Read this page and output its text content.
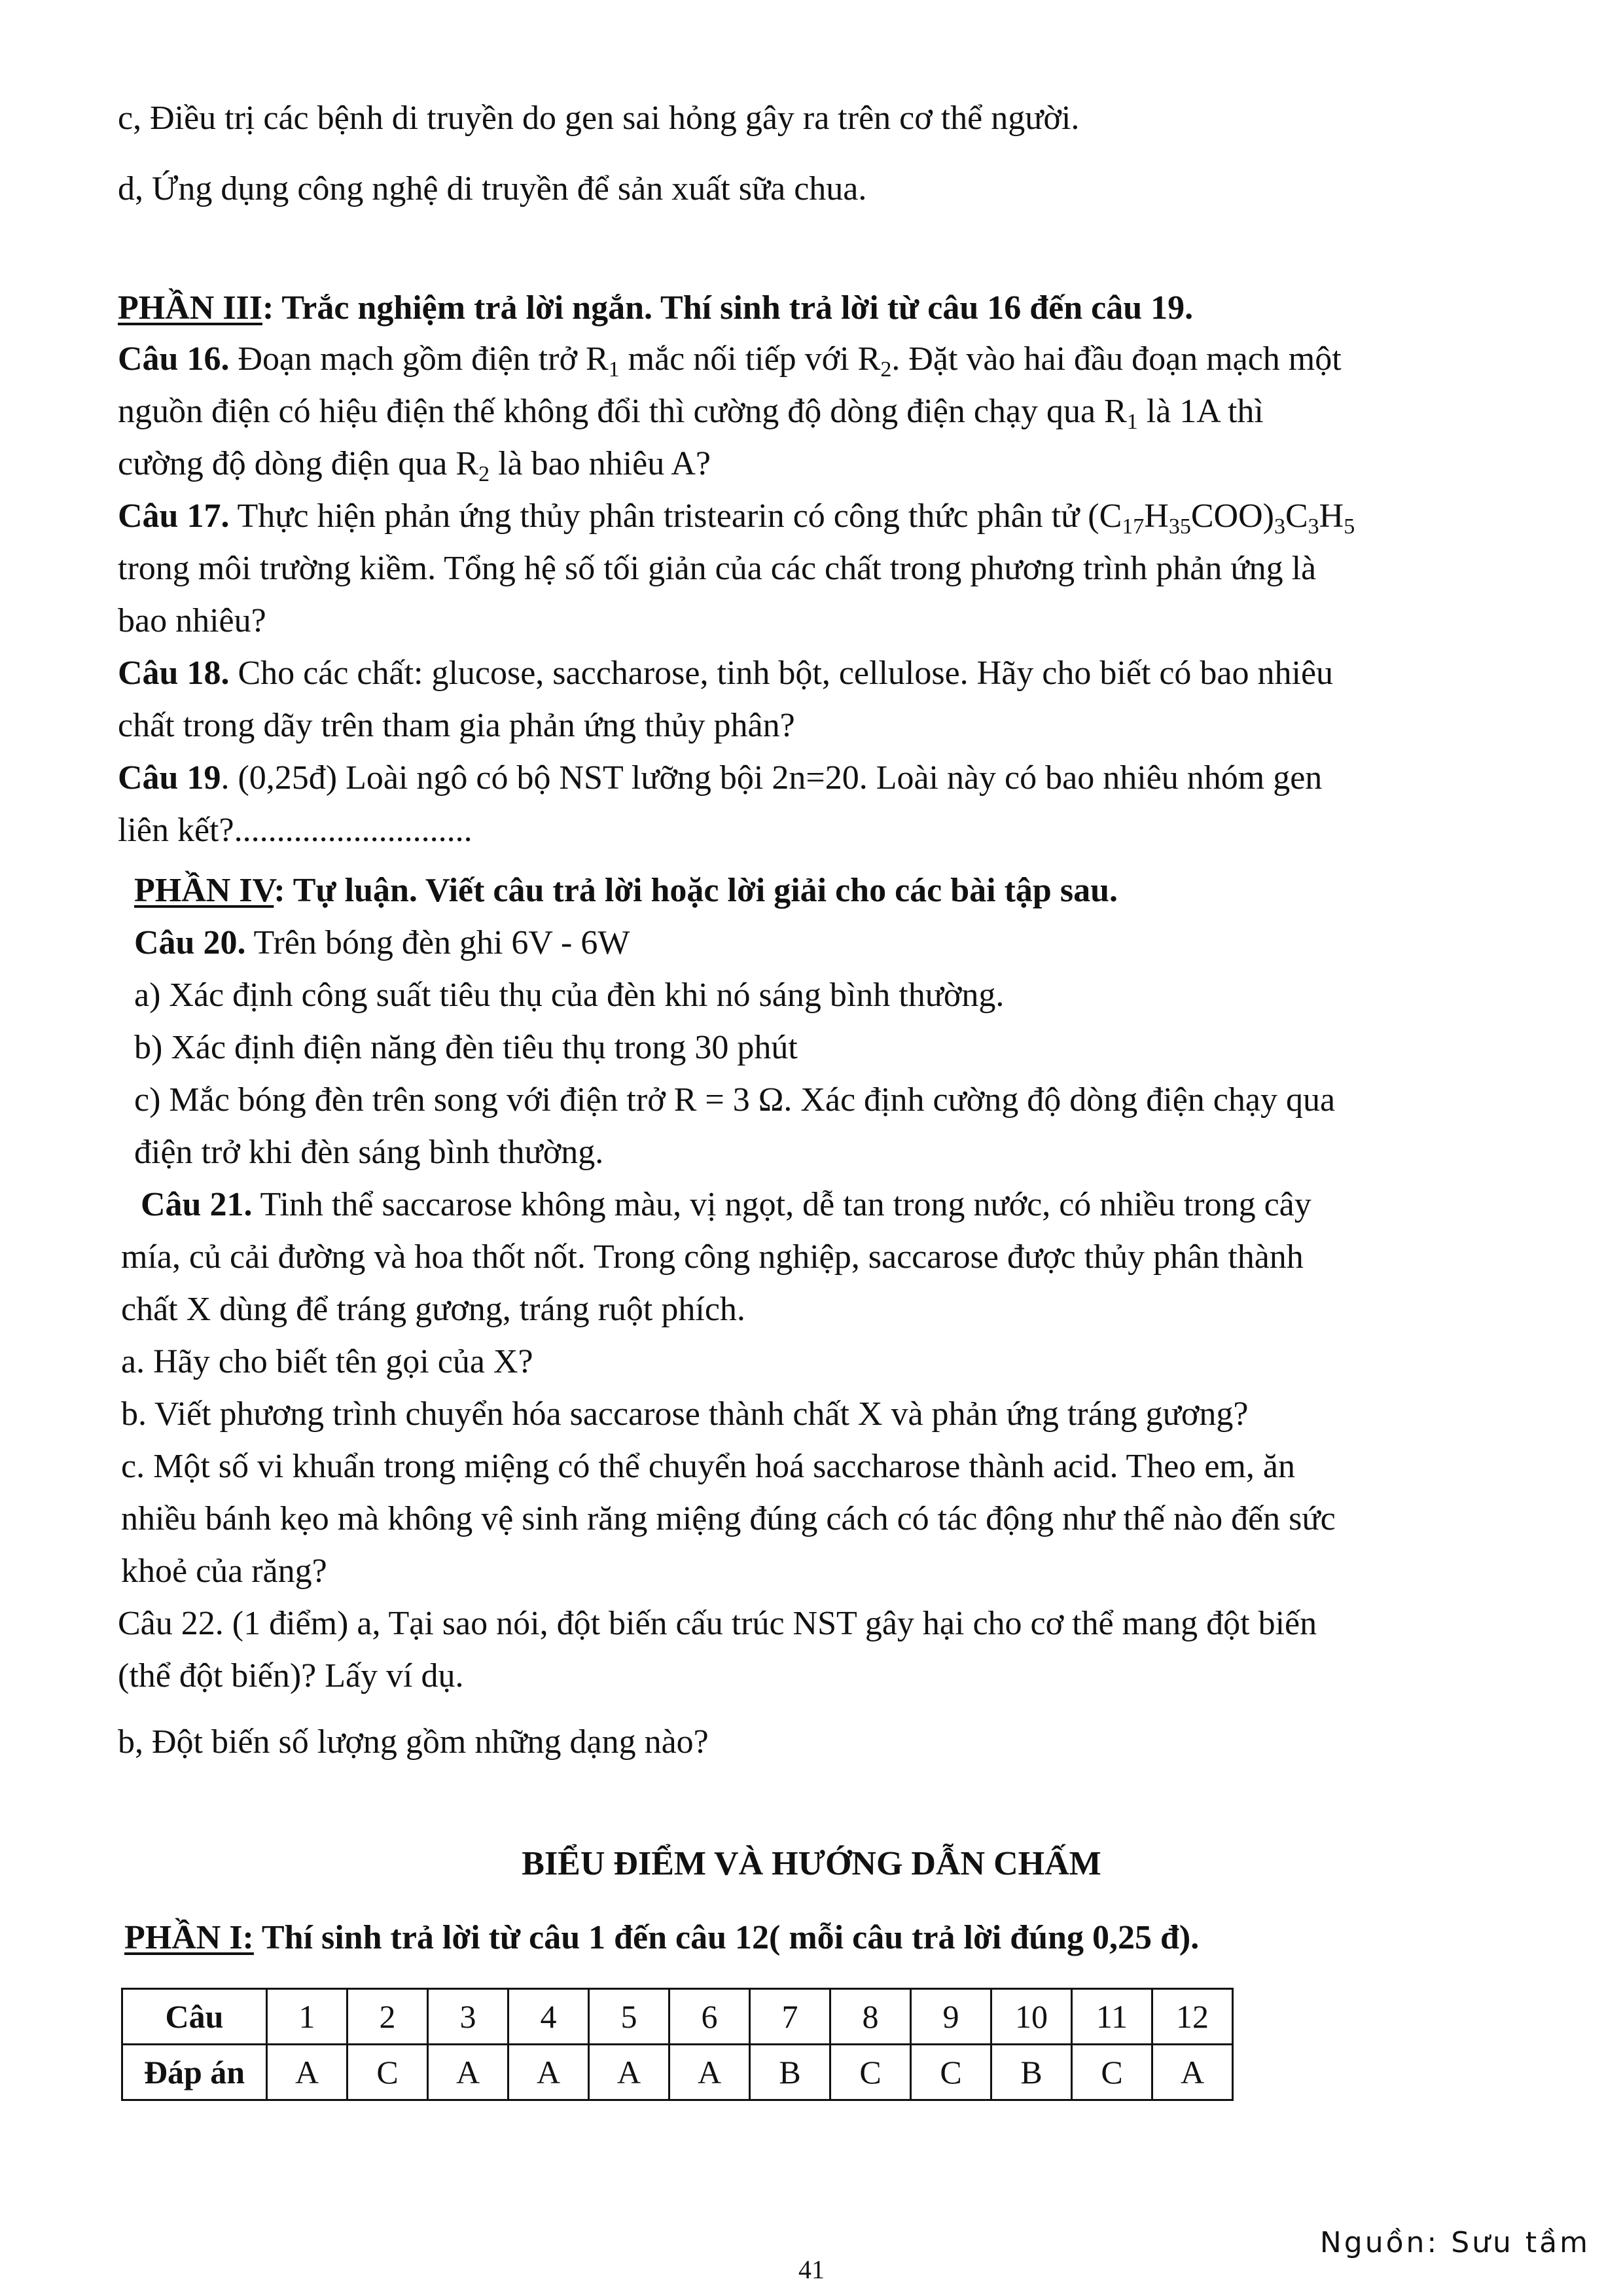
c, Điều trị các bệnh di truyền do gen sai hỏng gây ra trên cơ thể người.
d, Ứng dụng công nghệ di truyền để sản xuất sữa chua.
PHẦN III: Trắc nghiệm trả lời ngắn. Thí sinh trả lời từ câu 16 đến câu 19.
Câu 16. Đoạn mạch gồm điện trở $R_1$ mắc nối tiếp với $R_2$. Đặt vào hai đầu đoạn mạch một
nguồn điện có hiệu điện thế không đổi thì cường độ dòng điện chạy qua $R_1$ là 1A thì
cường độ dòng điện qua $R_2$ là bao nhiêu A?
Câu 17. Thực hiện phản ứng thủy phân tristearin có công thức phân tử $(C_{17}H_{35}COO)_3C_3H_5$
trong môi trường kiềm. Tổng hệ số tối giản của các chất trong phương trình phản ứng là
bao nhiêu?
Câu 18. Cho các chất: glucose, saccharose, tinh bột, cellulose. Hãy cho biết có bao nhiêu
chất trong dãy trên tham gia phản ứng thủy phân?
Câu 19. (0,25đ) Loài ngô có bộ NST lưỡng bội 2n=20. Loài này có bao nhiêu nhóm gen
liên kết?............................
PHẦN IV: Tự luận. Viết câu trả lời hoặc lời giải cho các bài tập sau.
Câu 20. Trên bóng đèn ghi 6V - 6W
a) Xác định công suất tiêu thụ của đèn khi nó sáng bình thường.
b) Xác định điện năng đèn tiêu thụ trong 30 phút
c) Mắc bóng đèn trên song với điện trở R = 3 Ω. Xác định cường độ dòng điện chạy qua
điện trở khi đèn sáng bình thường.
Câu 21. Tinh thể saccarose không màu, vị ngọt, dễ tan trong nước, có nhiều trong cây
mía, củ cải đường và hoa thốt nốt. Trong công nghiệp, saccarose được thủy phân thành
chất X dùng để tráng gương, tráng ruột phích.
a. Hãy cho biết tên gọi của X?
b. Viết phương trình chuyển hóa saccarose thành chất X và phản ứng tráng gương?
c. Một số vi khuẩn trong miệng có thể chuyển hoá saccharose thành acid. Theo em, ăn
nhiều bánh kẹo mà không vệ sinh răng miệng đúng cách có tác động như thế nào đến sức
khoẻ của răng?
Câu 22. (1 điểm) a, Tại sao nói, đột biến cấu trúc NST gây hại cho cơ thể mang đột biến
(thể đột biến)? Lấy ví dụ.
b, Đột biến số lượng gồm những dạng nào?
BIỂU ĐIỂM VÀ HƯỚNG DẪN CHẤM
PHẦN I: Thí sinh trả lời từ câu 1 đến câu 12( mỗi câu trả lời đúng 0,25 đ).
Câu	1	2	3	4	5	6	7	8	9	10	11	12
Đáp án	A	C	A	A	A	A	B	C	C	B	C	A
Nguồn: Sưu tầm
41
